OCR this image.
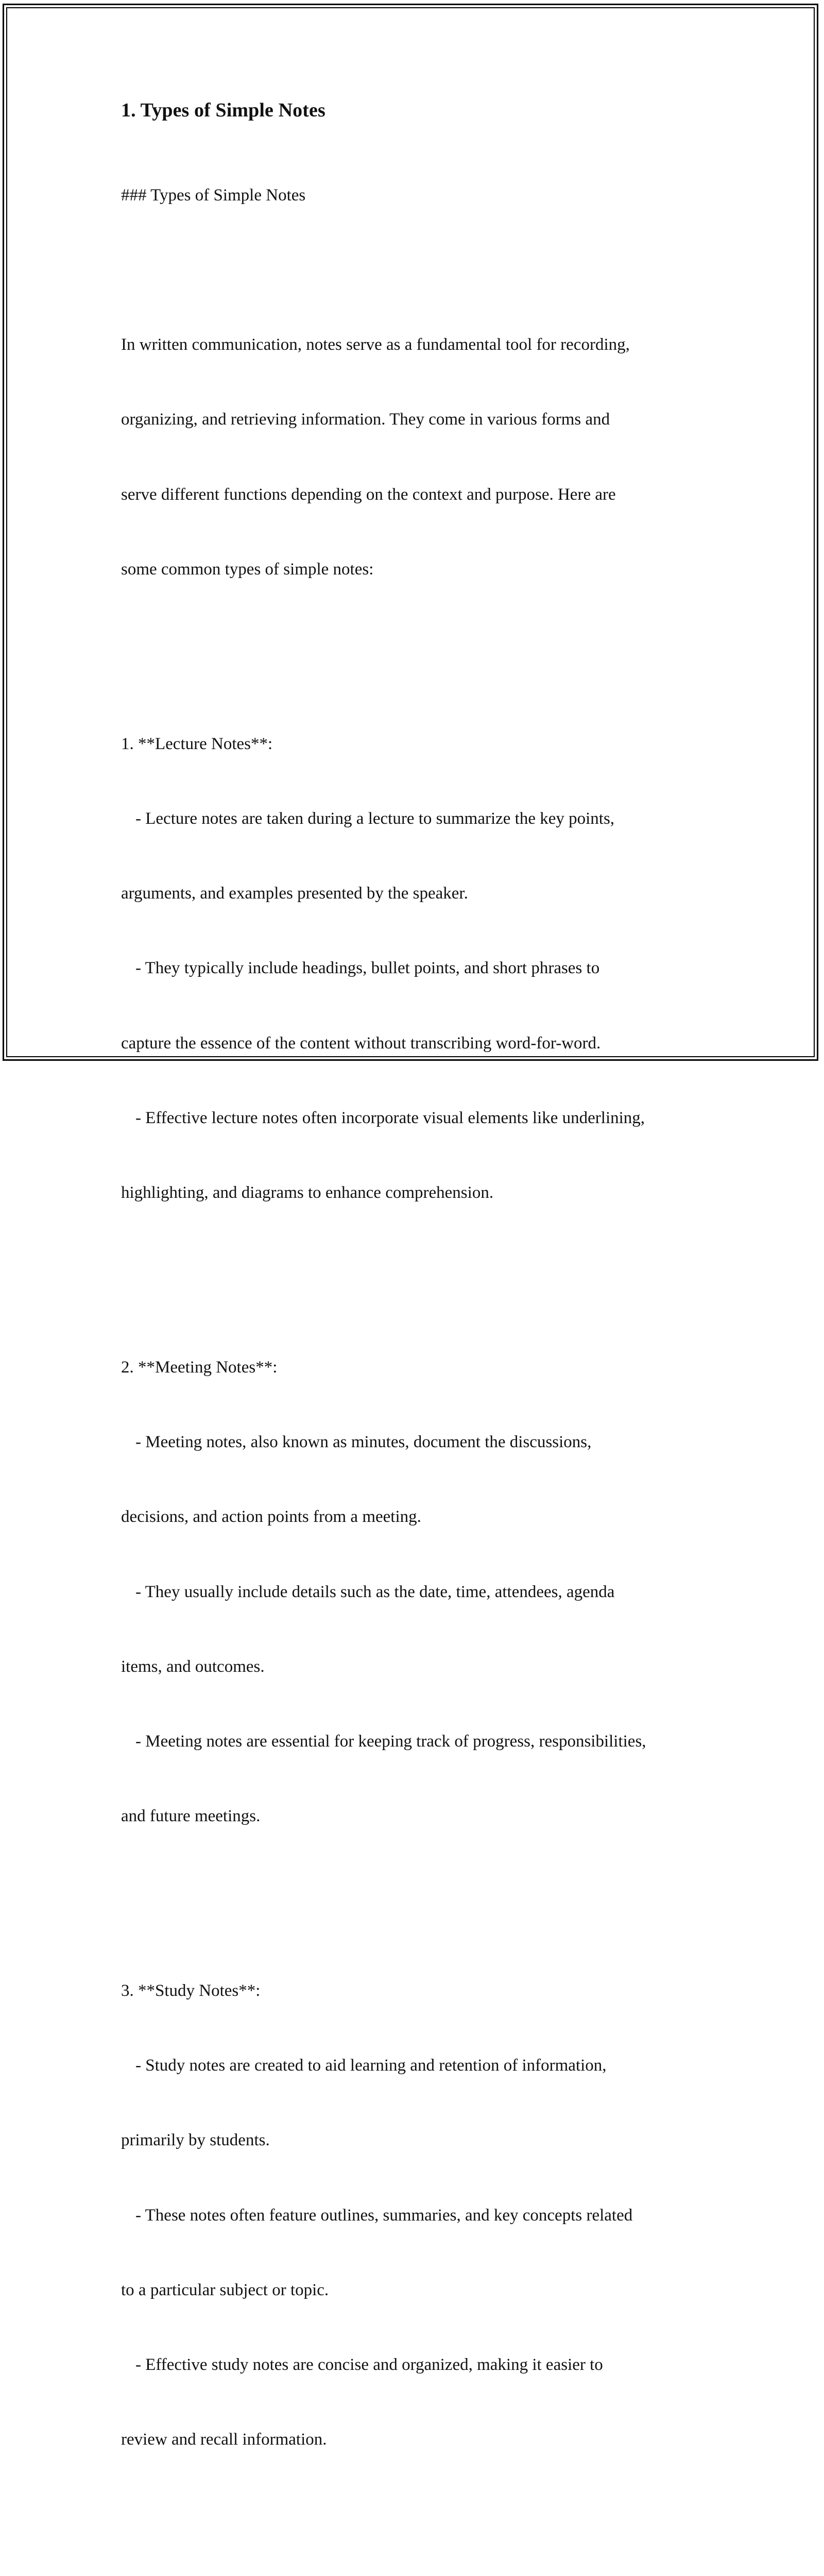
1. Types of Simple Notes

### Types of Simple Notes

In written communication, notes serve as a fundamental tool for recording,

organizing, and retrieving information. They come in various forms and

serve different functions depending on the context and purpose. Here are

some common types of simple notes:

1. **Lecture Notes**:

- Lecture notes are taken during a lecture to summarize the key points,

arguments, and examples presented by the speaker.

- They typically include headings, bullet points, and short phrases to

capture the essence of the content without transcribing word-for-word.

- Effective lecture notes often incorporate visual elements like underlining,

highlighting, and diagrams to enhance comprehension.

2. **Meeting Notes**:

- Meeting notes, also known as minutes, document the discussions,

decisions, and action points from a meeting.

- They usually include details such as the date, time, attendees, agenda

items, and outcomes.

- Meeting notes are essential for keeping track of progress, responsibilities,

and future meetings.

3. **Study Notes**:

- Study notes are created to aid learning and retention of information,

primarily by students.

- These notes often feature outlines, summaries, and key concepts related

to a particular subject or topic.

- Effective study notes are concise and organized, making it easier to

review and recall information.
